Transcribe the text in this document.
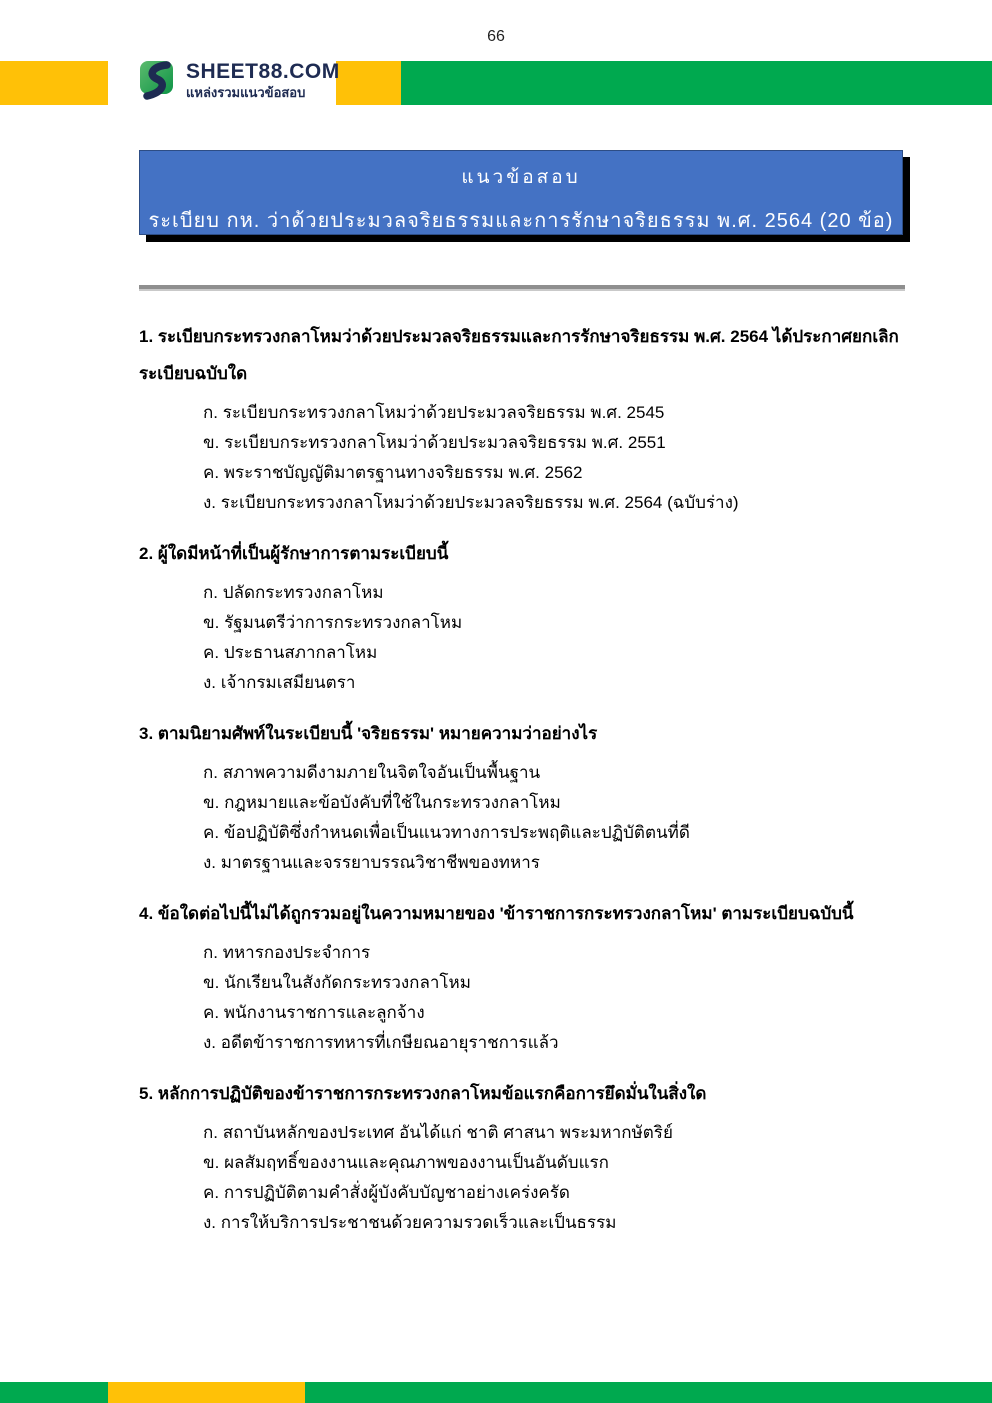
66
SHEET88.COM
แหล่งรวมแนวข้อสอบ
แนวข้อสอบ
ระเบียบ กห. ว่าด้วยประมวลจริยธรรมและการรักษาจริยธรรม พ.ศ. 2564 (20 ข้อ)
1. ระเบียบกระทรวงกลาโหมว่าด้วยประมวลจริยธรรมและการรักษาจริยธรรม พ.ศ. 2564 ได้ประกาศยกเลิกระเบียบฉบับใด
ก. ระเบียบกระทรวงกลาโหมว่าด้วยประมวลจริยธรรม พ.ศ. 2545
ข. ระเบียบกระทรวงกลาโหมว่าด้วยประมวลจริยธรรม พ.ศ. 2551
ค. พระราชบัญญัติมาตรฐานทางจริยธรรม พ.ศ. 2562
ง. ระเบียบกระทรวงกลาโหมว่าด้วยประมวลจริยธรรม พ.ศ. 2564 (ฉบับร่าง)
2. ผู้ใดมีหน้าที่เป็นผู้รักษาการตามระเบียบนี้
ก. ปลัดกระทรวงกลาโหม
ข. รัฐมนตรีว่าการกระทรวงกลาโหม
ค. ประธานสภากลาโหม
ง. เจ้ากรมเสมียนตรา
3. ตามนิยามศัพท์ในระเบียบนี้ 'จริยธรรม' หมายความว่าอย่างไร
ก. สภาพความดีงามภายในจิตใจอันเป็นพื้นฐาน
ข. กฎหมายและข้อบังคับที่ใช้ในกระทรวงกลาโหม
ค. ข้อปฏิบัติซึ่งกำหนดเพื่อเป็นแนวทางการประพฤติและปฏิบัติตนที่ดี
ง. มาตรฐานและจรรยาบรรณวิชาชีพของทหาร
4. ข้อใดต่อไปนี้ไม่ได้ถูกรวมอยู่ในความหมายของ 'ข้าราชการกระทรวงกลาโหม' ตามระเบียบฉบับนี้
ก. ทหารกองประจำการ
ข. นักเรียนในสังกัดกระทรวงกลาโหม
ค. พนักงานราชการและลูกจ้าง
ง. อดีตข้าราชการทหารที่เกษียณอายุราชการแล้ว
5. หลักการปฏิบัติของข้าราชการกระทรวงกลาโหมข้อแรกคือการยึดมั่นในสิ่งใด
ก. สถาบันหลักของประเทศ อันได้แก่ ชาติ ศาสนา พระมหากษัตริย์
ข. ผลสัมฤทธิ์ของงานและคุณภาพของงานเป็นอันดับแรก
ค. การปฏิบัติตามคำสั่งผู้บังคับบัญชาอย่างเคร่งครัด
ง. การให้บริการประชาชนด้วยความรวดเร็วและเป็นธรรม
